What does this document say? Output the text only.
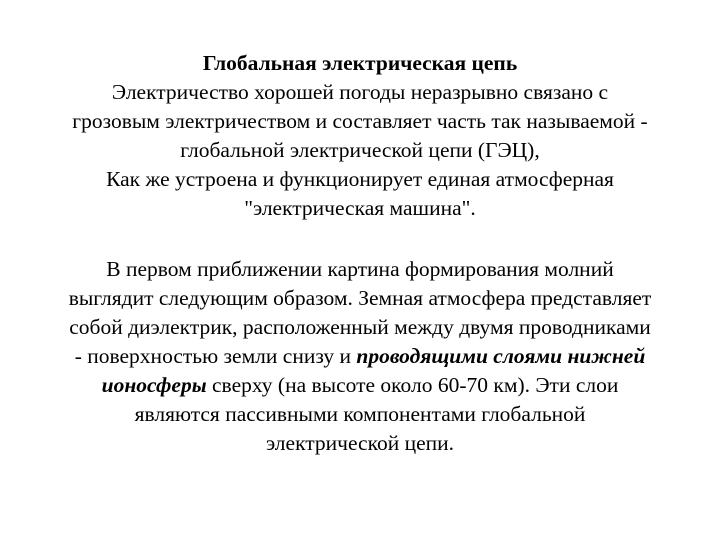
Глобальная электрическая цепь
Электричество хорошей погоды неразрывно связано с
грозовым электричеством и составляет часть так называемой -
глобальной электрической цепи (ГЭЦ),
Как же устроена и функционирует единая атмосферная
"электрическая машина".
В первом приближении картина формирования молний
выглядит следующим образом. Земная атмосфера представляет
собой диэлектрик, расположенный между двумя проводниками
- поверхностью земли снизу и проводящими слоями нижней
ионосферы сверху (на высоте около 60-70 км). Эти слои
являются пассивными компонентами глобальной
электрической цепи.
